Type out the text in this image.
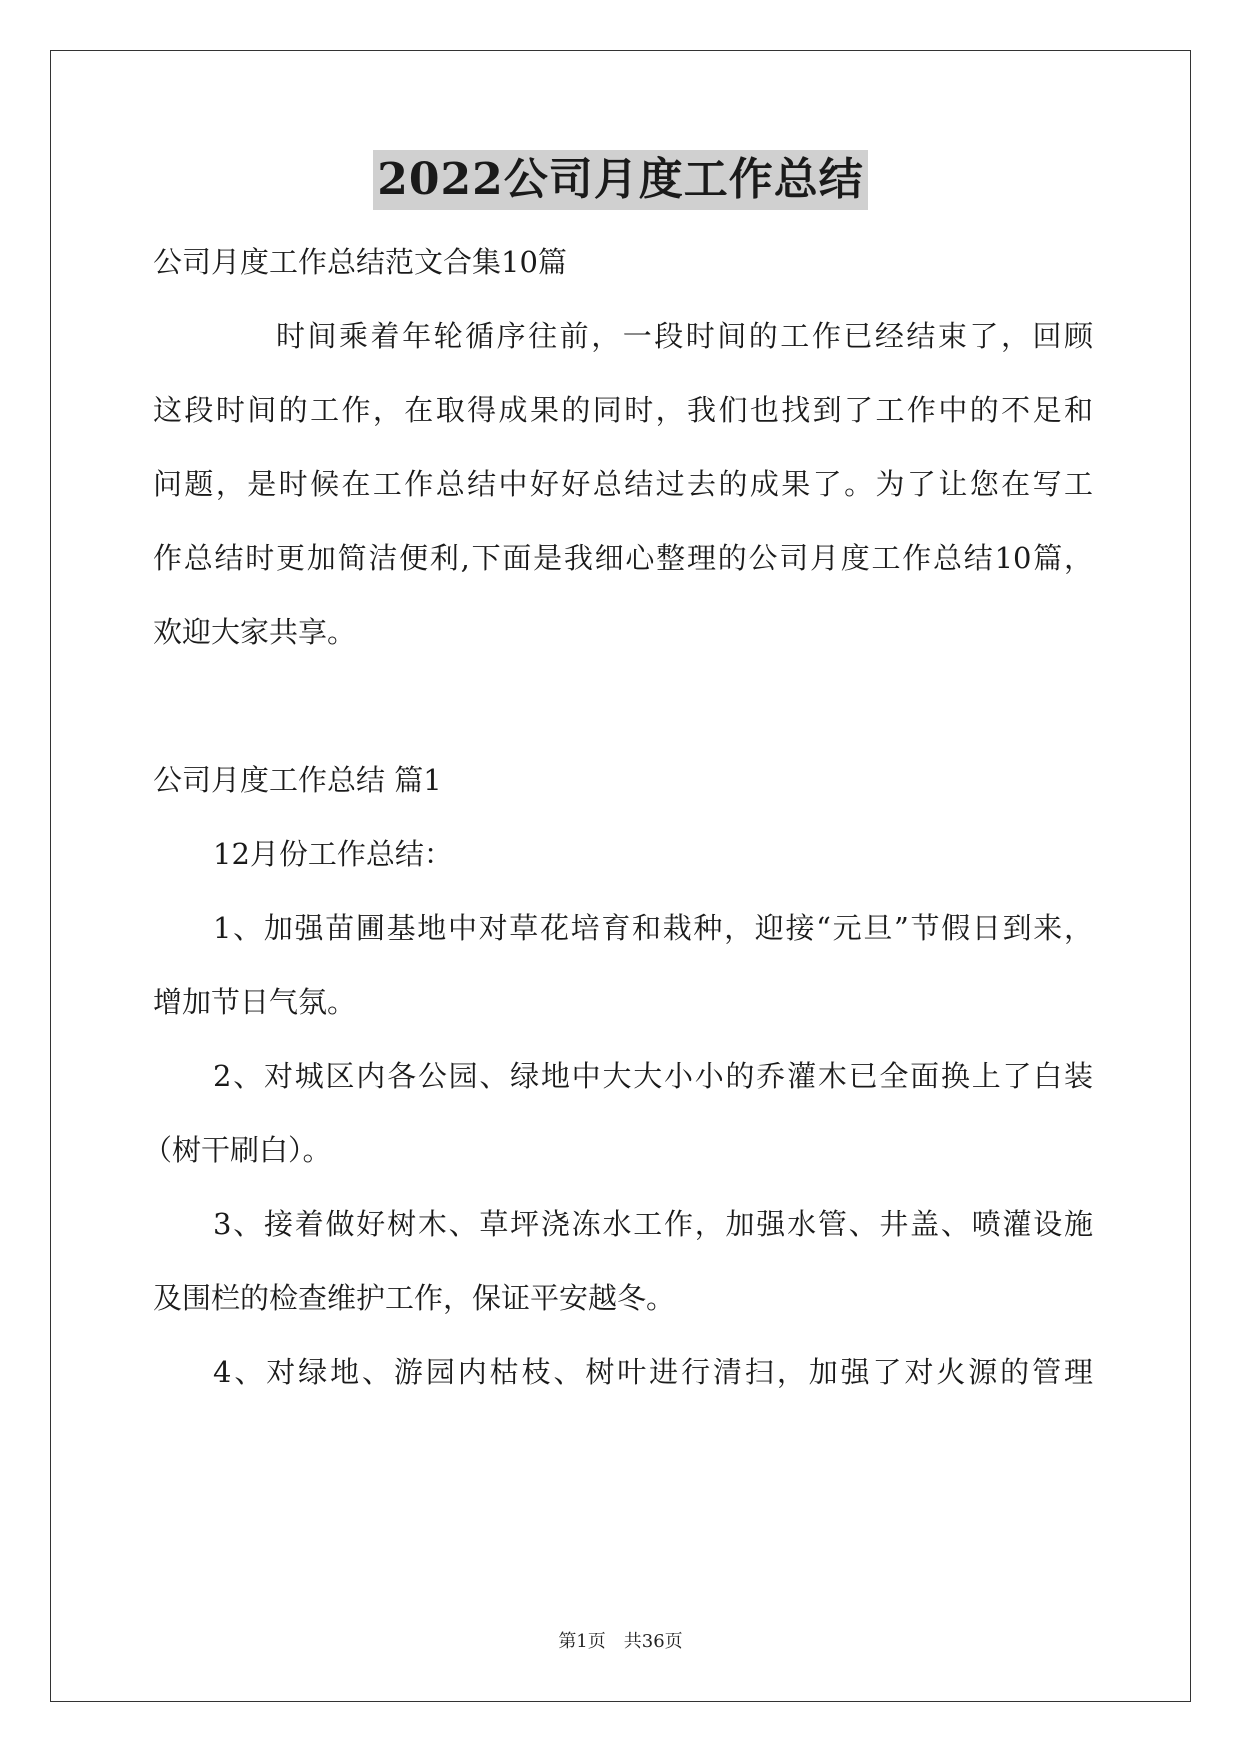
2022公司月度工作总结
公司月度工作总结范文合集10篇
时间乘着年轮循序往前，一段时间的工作已经结束了，回顾
这段时间的工作，在取得成果的同时，我们也找到了工作中的不足和
问题，是时候在工作总结中好好总结过去的成果了。为了让您在写工
作总结时更加简洁便利,下面是我细心整理的公司月度工作总结10篇，
欢迎大家共享。
公司月度工作总结 篇1
12月份工作总结：
1、加强苗圃基地中对草花培育和栽种，迎接“元旦”节假日到来，
增加节日气氛。
2、对城区内各公园、绿地中大大小小的乔灌木已全面换上了白装
（树干刷白）。
3、接着做好树木、草坪浇冻水工作，加强水管、井盖、喷灌设施
及围栏的检查维护工作，保证平安越冬。
4、对绿地、游园内枯枝、树叶进行清扫，加强了对火源的管理
第1页　共36页
